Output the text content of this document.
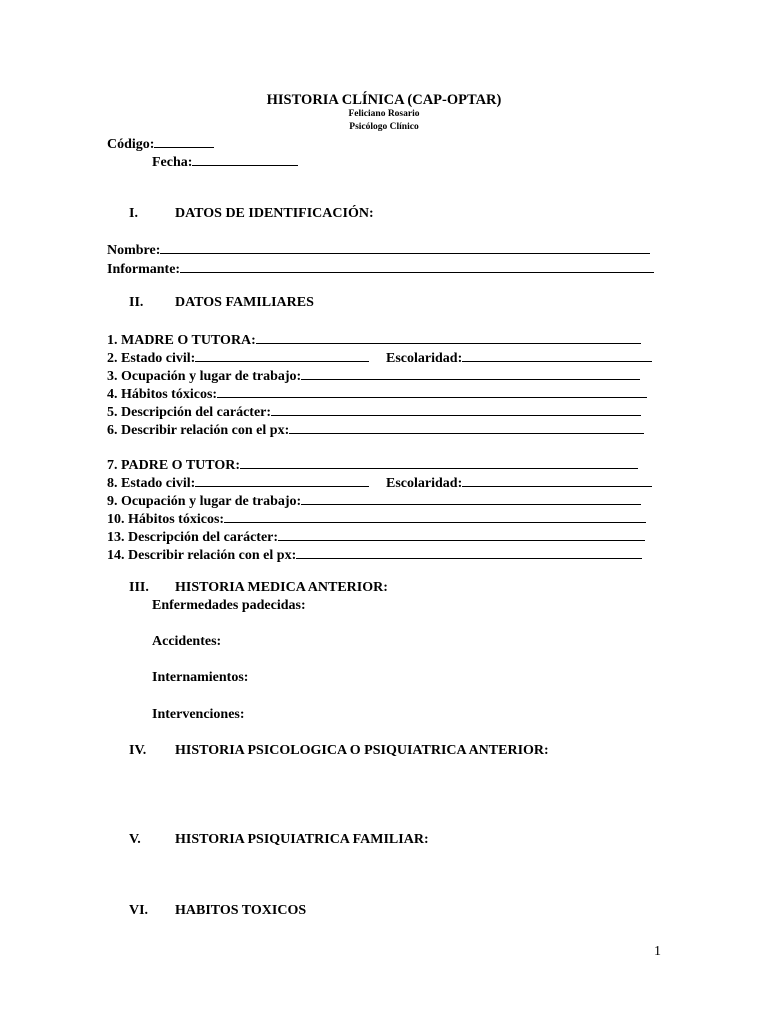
HISTORIA CLÍNICA (CAP-OPTAR)
Feliciano Rosario
Psicólogo Clínico
Código:
Fecha:
I.	DATOS DE IDENTIFICACIÓN:
Nombre:
Informante:
II. DATOS FAMILIARES
1. MADRE O TUTORA:
2. Estado civil:	Escolaridad:
3. Ocupación y lugar de trabajo:
4. Hábitos tóxicos:
5. Descripción del carácter:
6. Describir relación con el px:
7. PADRE O TUTOR:
8. Estado civil:	Escolaridad:
9. Ocupación y lugar de trabajo:
10. Hábitos tóxicos:
13. Descripción del carácter:
14. Describir relación con el px:
III. HISTORIA MEDICA ANTERIOR:
Enfermedades padecidas:
Accidentes:
Internamientos:
Intervenciones:
IV. HISTORIA PSICOLOGICA O PSIQUIATRICA ANTERIOR:
V. HISTORIA PSIQUIATRICA FAMILIAR:
VI. HABITOS TOXICOS
1
